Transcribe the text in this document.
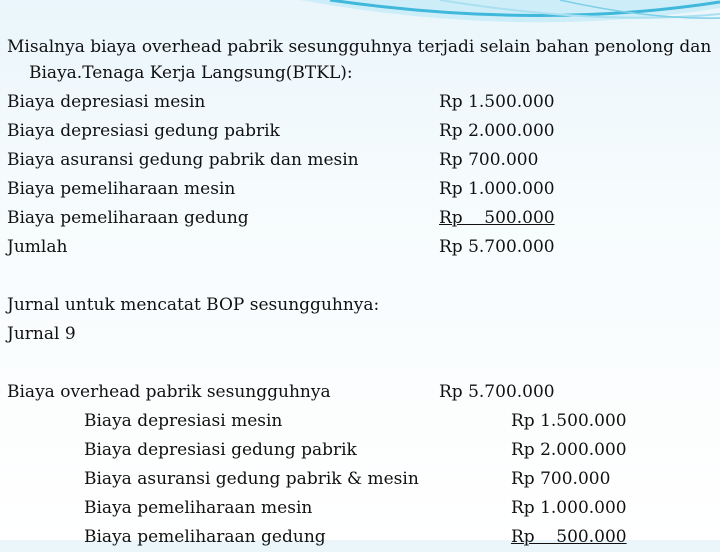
Misalnya biaya overhead pabrik sesungguhnya terjadi selain bahan penolong dan
Biaya.Tenaga Kerja Langsung(BTKL):
Biaya depresiasi mesin	Rp 1.500.000
Biaya depresiasi gedung pabrik	Rp 2.000.000
Biaya asuransi gedung pabrik dan mesin	Rp 700.000
Biaya pemeliharaan mesin	Rp 1.000.000
Biaya pemeliharaan gedung	Rp    500.000
Jumlah	Rp 5.700.000
Jurnal untuk mencatat BOP sesungguhnya:
Jurnal 9
Biaya overhead pabrik sesungguhnya	Rp 5.700.000
Biaya depresiasi mesin	Rp 1.500.000
Biaya depresiasi gedung pabrik	Rp 2.000.000
Biaya asuransi gedung pabrik & mesin	Rp 700.000
Biaya pemeliharaan mesin	Rp 1.000.000
Biaya pemeliharaan gedung	Rp    500.000
